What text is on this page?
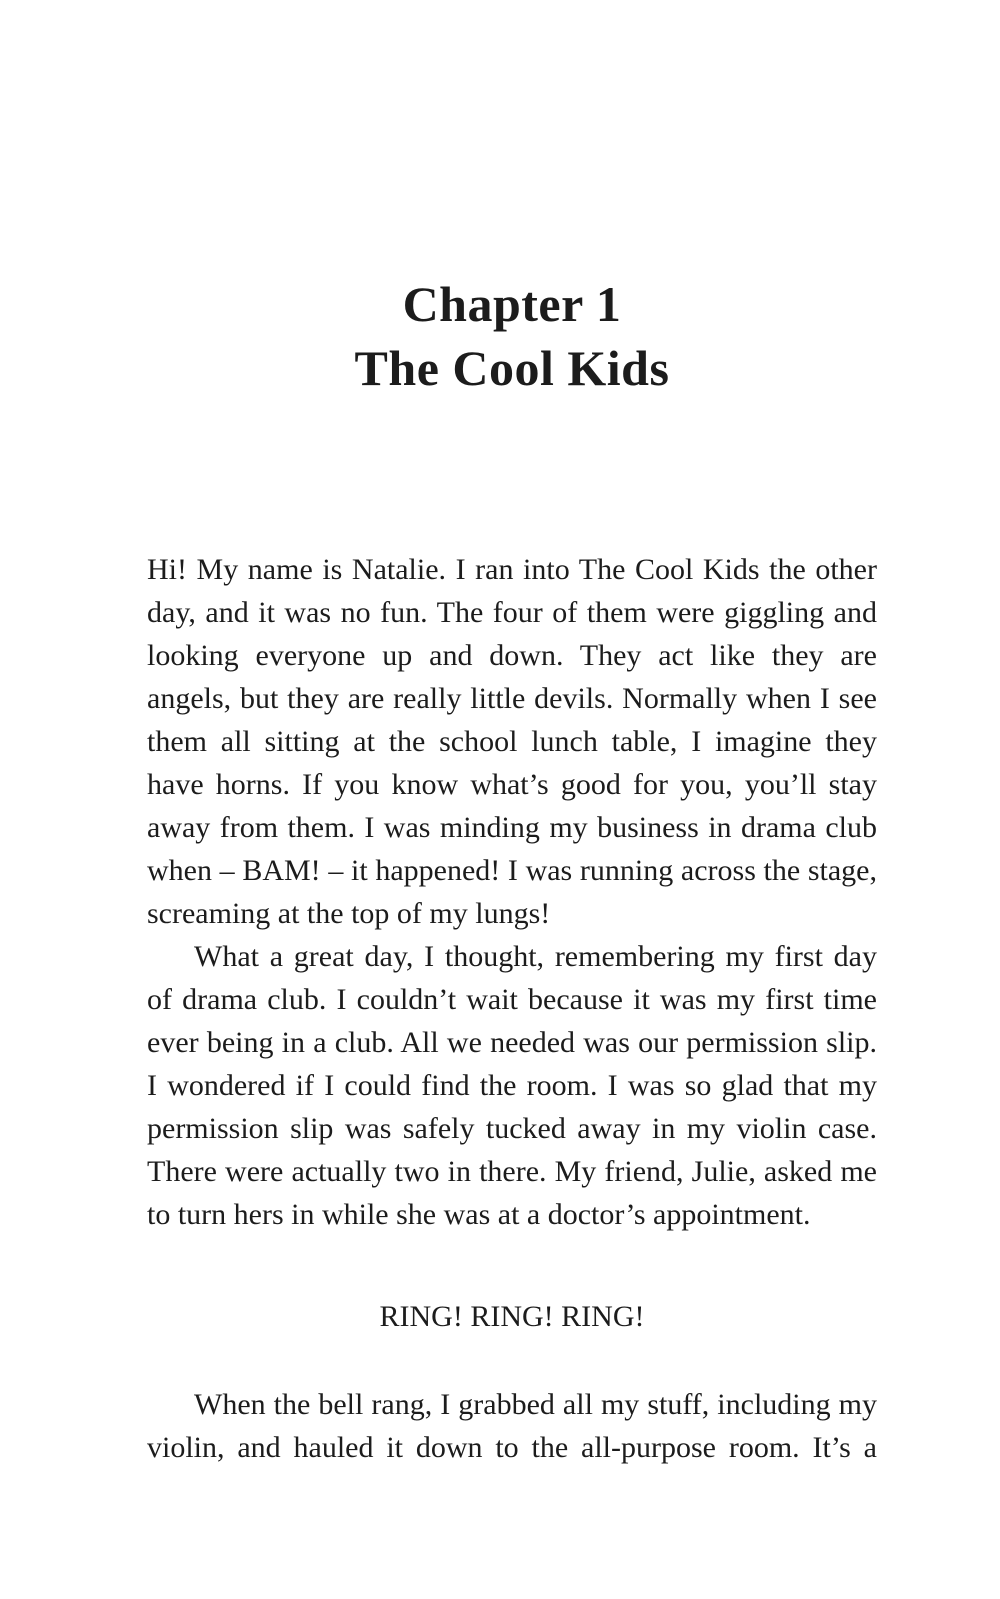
Chapter 1
The Cool Kids
Hi! My name is Natalie. I ran into The Cool Kids the other
day, and it was no fun. The four of them were giggling and
looking everyone up and down. They act like they are
angels, but they are really little devils. Normally when I see
them all sitting at the school lunch table, I imagine they
have horns. If you know what’s good for you, you’ll stay
away from them. I was minding my business in drama club
when – BAM! – it happened! I was running across the stage,
screaming at the top of my lungs!
What a great day, I thought, remembering my first day
of drama club. I couldn’t wait because it was my first time
ever being in a club. All we needed was our permission slip.
I wondered if I could find the room. I was so glad that my
permission slip was safely tucked away in my violin case.
There were actually two in there. My friend, Julie, asked me
to turn hers in while she was at a doctor’s appointment.
RING! RING! RING!
When the bell rang, I grabbed all my stuff, including my
violin, and hauled it down to the all-purpose room. It’s a
